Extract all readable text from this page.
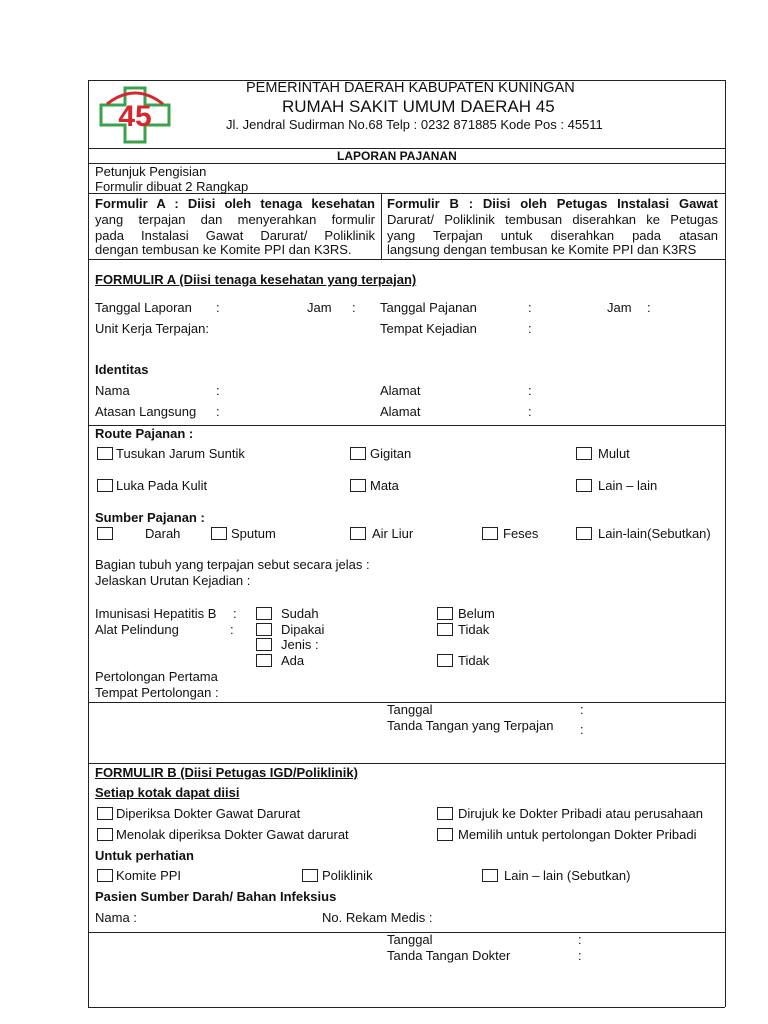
45
PEMERINTAH DAERAH KABUPATEN KUNINGAN
RUMAH SAKIT UMUM DAERAH 45
Jl. Jendral Sudirman No.68 Telp : 0232 871885 Kode Pos : 45511
LAPORAN PAJANAN
Petunjuk Pengisian
Formulir dibuat 2 Rangkap
Formulir A : Diisi oleh tenaga kesehatan
yang terpajan dan menyerahkan formulir
pada Instalasi Gawat Darurat/ Poliklinik
dengan tembusan ke Komite PPI dan K3RS.
Formulir B : Diisi oleh Petugas Instalasi Gawat
Darurat/ Poliklinik tembusan diserahkan ke Petugas
yang Terpajan untuk diserahkan pada atasan
langsung dengan tembusan ke Komite PPI dan K3RS
FORMULIR A (Diisi tenaga kesehatan yang terpajan)
Tanggal Laporan :	Jam : Tanggal Pajanan	:	Jam :
Unit Kerja Terpajan:	Tempat Kejadian	:
Identitas
Nama	:	Alamat	:
Atasan Langsung :	Alamat	:
Route Pajanan :
Tusukan Jarum Suntik	Gigitan	Mulut
Luka Pada Kulit	Mata	Lain – lain
Sumber Pajanan :
Darah	Sputum	Air Liur	Feses	Lain-lain(Sebutkan)
Bagian tubuh yang terpajan sebut secara jelas :
Jelaskan Urutan Kejadian :
Imunisasi Hepatitis B :	Sudah	Belum
Alat Pelindung	:	Dipakai	Tidak
Jenis :
Ada	Tidak
Pertolongan Pertama
Tempat Pertolongan :
Tanggal	:
Tanda Tangan yang Terpajan :
FORMULIR B (Diisi Petugas IGD/Poliklinik)
Setiap kotak dapat diisi
Diperiksa Dokter Gawat Darurat	Dirujuk ke Dokter Pribadi atau perusahaan
Menolak diperiksa Dokter Gawat darurat	Memilih untuk pertolongan Dokter Pribadi
Untuk perhatian
Komite PPI	Poliklinik	Lain – lain (Sebutkan)
Pasien Sumber Darah/ Bahan Infeksius
Nama :	No. Rekam Medis :
Tanggal	:
Tanda Tangan Dokter	:
